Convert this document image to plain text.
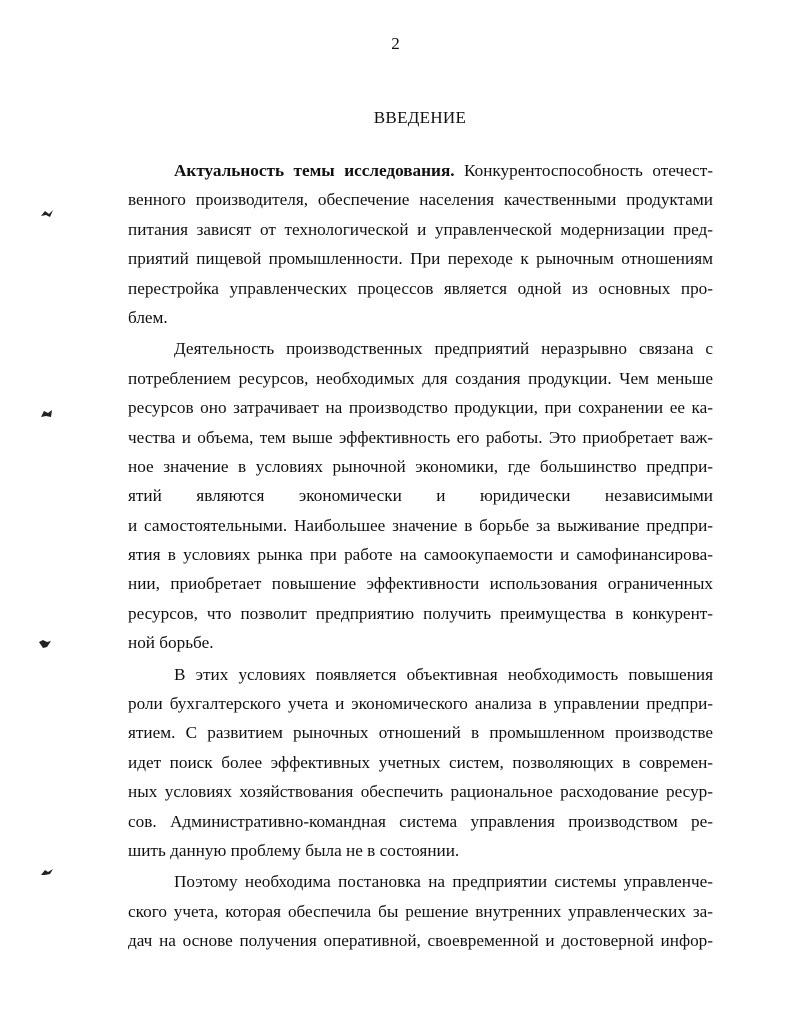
2
ВВЕДЕНИЕ
Актуальность темы исследования. Конкурентоспособность отечест-
венного производителя, обеспечение населения качественными продуктами
питания зависят от технологической и управленческой модернизации пред-
приятий пищевой промышленности. При переходе к рыночным отношениям
перестройка управленческих процессов является одной из основных про-
блем.
Деятельность производственных предприятий неразрывно связана с
потреблением ресурсов, необходимых для создания продукции. Чем меньше
ресурсов оно затрачивает на производство продукции, при сохранении ее ка-
чества и объема, тем выше эффективность его работы. Это приобретает важ-
ное значение в условиях рыночной экономики, где большинство предпри-
ятий являются экономически и юридически независимыми
и самостоятельными. Наибольшее значение в борьбе за выживание предпри-
ятия в условиях рынка при работе на самоокупаемости и самофинансирова-
нии, приобретает повышение эффективности использования ограниченных
ресурсов, что позволит предприятию получить преимущества в конкурент-
ной борьбе.
В этих условиях появляется объективная необходимость повышения
роли бухгалтерского учета и экономического анализа в управлении предпри-
ятием. С развитием рыночных отношений в промышленном производстве
идет поиск более эффективных учетных систем, позволяющих в современ-
ных условиях хозяйствования обеспечить рациональное расходование ресур-
сов. Административно-командная система управления производством ре-
шить данную проблему была не в состоянии.
Поэтому необходима постановка на предприятии системы управленче-
ского учета, которая обеспечила бы решение внутренних управленческих за-
дач на основе получения оперативной, своевременной и достоверной инфор-
